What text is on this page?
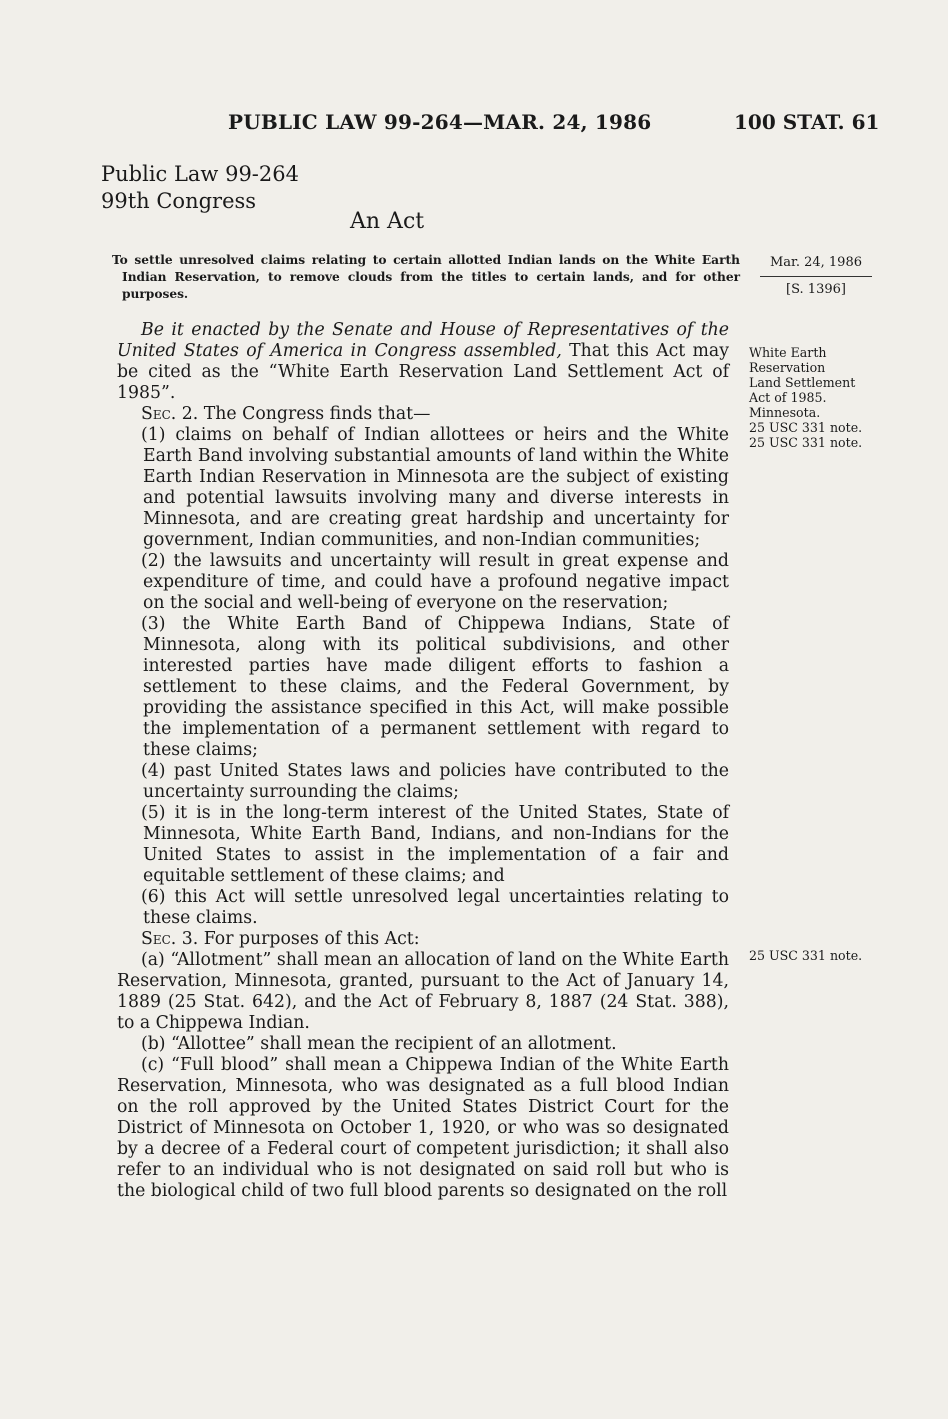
PUBLIC LAW 99-264—MAR. 24, 1986	100 STAT. 61
Public Law 99-264
99th Congress
An Act
To settle unresolved claims relating to certain allotted Indian lands on the White Earth Indian Reservation, to remove clouds from the titles to certain lands, and for other purposes.
Mar. 24, 1986
[S. 1396]
White Earth
Reservation
Land Settlement
Act of 1985.
Minnesota.
25 USC 331 note.
25 USC 331 note.
25 USC 331 note.

Be it enacted by the Senate and House of Representatives of the United States of America in Congress assembled, That this Act may be cited as the “White Earth Reservation Land Settlement Act of 1985”.

Sec. 2. The Congress finds that—

(1) claims on behalf of Indian allottees or heirs and the White Earth Band involving substantial amounts of land within the White Earth Indian Reservation in Minnesota are the subject of existing and potential lawsuits involving many and diverse interests in Minnesota, and are creating great hardship and uncertainty for government, Indian communities, and non-Indian communities;

(2) the lawsuits and uncertainty will result in great expense and expenditure of time, and could have a profound negative impact on the social and well-being of everyone on the reservation;

(3) the White Earth Band of Chippewa Indians, State of Minnesota, along with its political subdivisions, and other interested parties have made diligent efforts to fashion a settlement to these claims, and the Federal Government, by providing the assistance specified in this Act, will make possible the implementation of a permanent settlement with regard to these claims;

(4) past United States laws and policies have contributed to the uncertainty surrounding the claims;

(5) it is in the long-term interest of the United States, State of Minnesota, White Earth Band, Indians, and non-Indians for the United States to assist in the implementation of a fair and equitable settlement of these claims; and

(6) this Act will settle unresolved legal uncertainties relating to these claims.

Sec. 3. For purposes of this Act:

(a) “Allotment” shall mean an allocation of land on the White Earth Reservation, Minnesota, granted, pursuant to the Act of January 14, 1889 (25 Stat. 642), and the Act of February 8, 1887 (24 Stat. 388), to a Chippewa Indian.

(b) “Allottee” shall mean the recipient of an allotment.

(c) “Full blood” shall mean a Chippewa Indian of the White Earth Reservation, Minnesota, who was designated as a full blood Indian on the roll approved by the United States District Court for the District of Minnesota on October 1, 1920, or who was so designated by a decree of a Federal court of competent jurisdiction; it shall also refer to an individual who is not designated on said roll but who is the biological child of two full blood parents so designated on the roll
